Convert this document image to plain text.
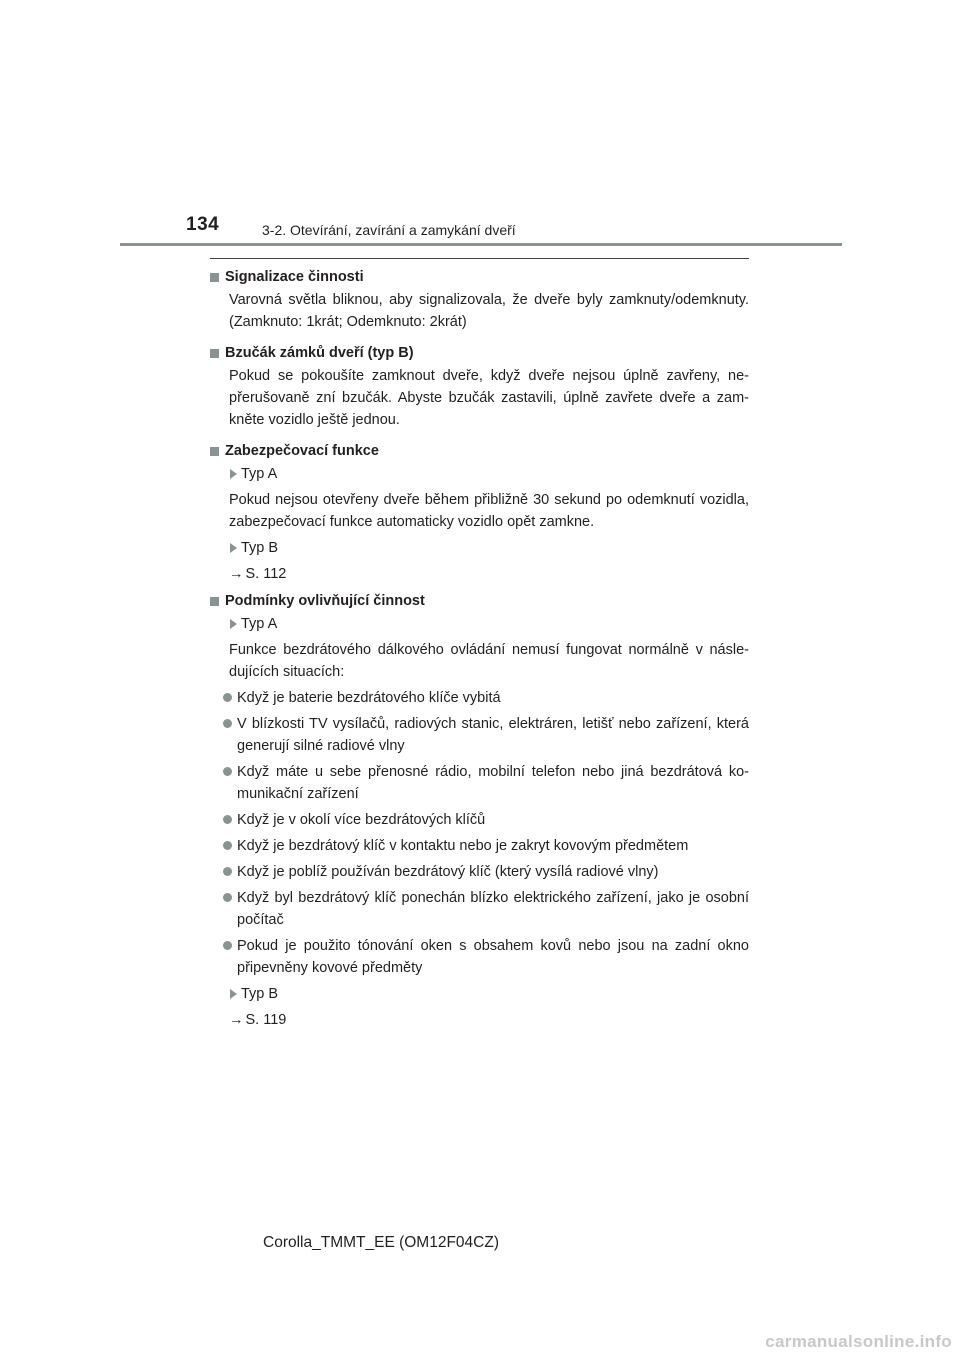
134	3-2. Otevírání, zavírání a zamykání dveří
Signalizace činnosti

Varovná světla bliknou, aby signalizovala, že dveře byly zamknuty/odemknuty. (Zamknuto: 1krát; Odemknuto: 2krát)

Bzučák zámků dveří (typ B)

Pokud se pokoušíte zamknout dveře, když dveře nejsou úplně zavřeny, nepřerušovaně zní bzučák. Abyste bzučák zastavili, úplně zavřete dveře a zamkněte vozidlo ještě jednou.

Zabezpečovací funkce
Typ A

Pokud nejsou otevřeny dveře během přibližně 30 sekund po odemknutí vozidla, zabezpečovací funkce automaticky vozidlo opět zamkne.

Typ B
→ S. 112
Podmínky ovlivňující činnost
Typ A

Funkce bezdrátového dálkového ovládání nemusí fungovat normálně v následujících situacích:

Když je baterie bezdrátového klíče vybitá
V blízkosti TV vysílačů, radiových stanic, elektráren, letišť nebo zařízení, která generují silné radiové vlny
Když máte u sebe přenosné rádio, mobilní telefon nebo jiná bezdrátová komunikační zařízení
Když je v okolí více bezdrátových klíčů
Když je bezdrátový klíč v kontaktu nebo je zakryt kovovým předmětem
Když je poblíž používán bezdrátový klíč (který vysílá radiové vlny)
Když byl bezdrátový klíč ponechán blízko elektrického zařízení, jako je osobní počítač
Pokud je použito tónování oken s obsahem kovů nebo jsou na zadní okno připevněny kovové předměty
Typ B
→ S. 119
Corolla_TMMT_EE (OM12F04CZ)
carmanualsonline.info
